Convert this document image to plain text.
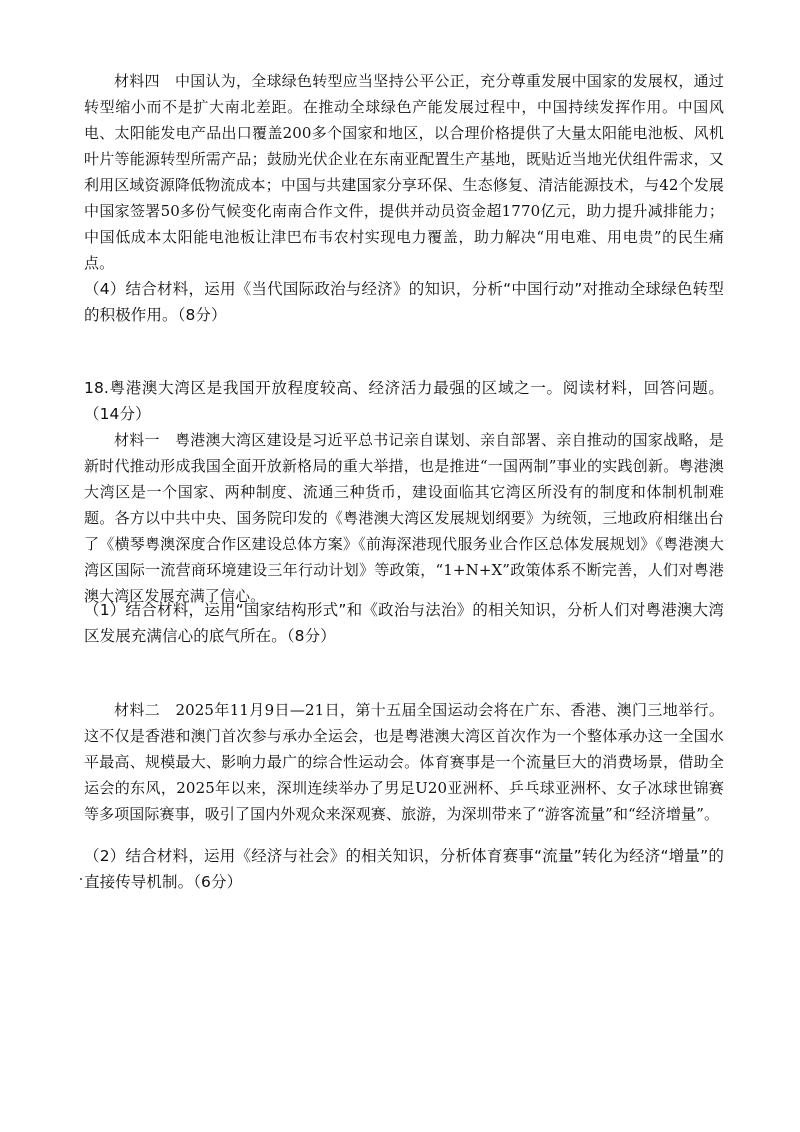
材料四　中国认为，全球绿色转型应当坚持公平公正，充分尊重发展中国家的发展权，通过转型缩小而不是扩大南北差距。在推动全球绿色产能发展过程中，中国持续发挥作用。中国风电、太阳能发电产品出口覆盖200多个国家和地区，以合理价格提供了大量太阳能电池板、风机叶片等能源转型所需产品；鼓励光伏企业在东南亚配置生产基地，既贴近当地光伏组件需求，又利用区域资源降低物流成本；中国与共建国家分享环保、生态修复、清洁能源技术，与42个发展中国家签署50多份气候变化南南合作文件，提供并动员资金超1770亿元，助力提升减排能力；中国低成本太阳能电池板让津巴布韦农村实现电力覆盖，助力解决“用电难、用电贵”的民生痛点。

（4）结合材料，运用《当代国际政治与经济》的知识，分析“中国行动”对推动全球绿色转型的积极作用。（8分）

18.粤港澳大湾区是我国开放程度较高、经济活力最强的区域之一。阅读材料，回答问题。（14分）

材料一　粤港澳大湾区建设是习近平总书记亲自谋划、亲自部署、亲自推动的国家战略，是新时代推动形成我国全面开放新格局的重大举措，也是推进“一国两制”事业的实践创新。粤港澳大湾区是一个国家、两种制度、流通三种货币，建设面临其它湾区所没有的制度和体制机制难题。各方以中共中央、国务院印发的《粤港澳大湾区发展规划纲要》为统领，三地政府相继出台了《横琴粤澳深度合作区建设总体方案》《前海深港现代服务业合作区总体发展规划》《粤港澳大湾区国际一流营商环境建设三年行动计划》等政策，“1+N+X”政策体系不断完善，人们对粤港澳大湾区发展充满了信心。

（1）结合材料，运用“国家结构形式”和《政治与法治》的相关知识，分析人们对粤港澳大湾区发展充满信心的底气所在。（8分）

材料二　2025年11月9日—21日，第十五届全国运动会将在广东、香港、澳门三地举行。这不仅是香港和澳门首次参与承办全运会，也是粤港澳大湾区首次作为一个整体承办这一全国水平最高、规模最大、影响力最广的综合性运动会。体育赛事是一个流量巨大的消费场景，借助全运会的东风，2025年以来，深圳连续举办了男足U20亚洲杯、乒乓球亚洲杯、女子冰球世锦赛等多项国际赛事，吸引了国内外观众来深观赛、旅游，为深圳带来了“游客流量”和“经济增量”。

（2）结合材料，运用《经济与社会》的相关知识，分析体育赛事“流量”转化为经济“增量”的直接传导机制。（6分）
